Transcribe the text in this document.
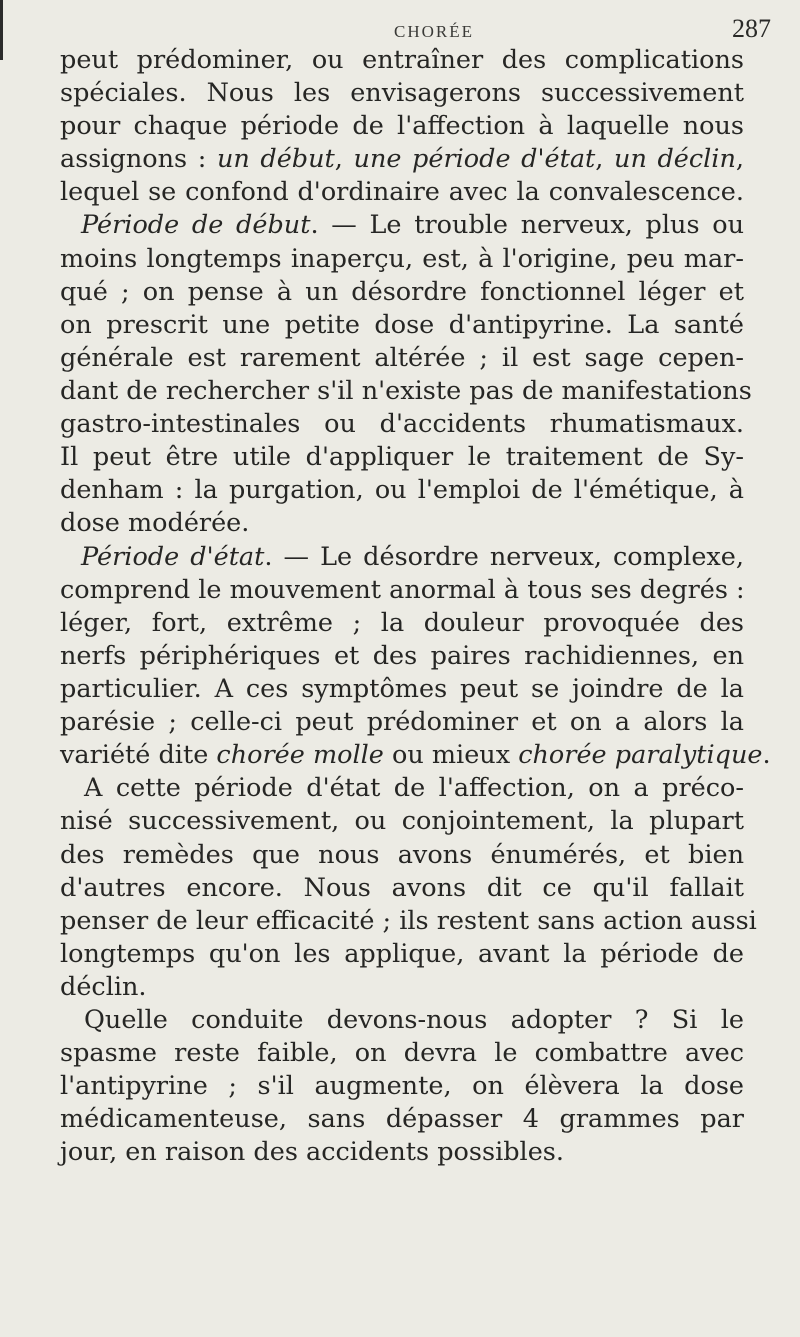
CHORÉE	287
peut prédominer, ou entraîner des complications
spéciales. Nous les envisagerons successivement
pour chaque période de l'affection à laquelle nous
assignons : un début, une période d'état, un déclin,
lequel se confond d'ordinaire avec la convalescence.
Période de début. — Le trouble nerveux, plus ou
moins longtemps inaperçu, est, à l'origine, peu mar-
qué ; on pense à un désordre fonctionnel léger et
on prescrit une petite dose d'antipyrine. La santé
générale est rarement altérée ; il est sage cepen-
dant de rechercher s'il n'existe pas de manifestations
gastro-intestinales ou d'accidents rhumatismaux.
Il peut être utile d'appliquer le traitement de Sy-
denham : la purgation, ou l'emploi de l'émétique, à
dose modérée.
Période d'état. — Le désordre nerveux, complexe,
comprend le mouvement anormal à tous ses degrés :
léger, fort, extrême ; la douleur provoquée des
nerfs périphériques et des paires rachidiennes, en
particulier. A ces symptômes peut se joindre de la
parésie ; celle-ci peut prédominer et on a alors la
variété dite chorée molle ou mieux chorée paralytique.
A cette période d'état de l'affection, on a préco-
nisé successivement, ou conjointement, la plupart
des remèdes que nous avons énumérés, et bien
d'autres encore. Nous avons dit ce qu'il fallait
penser de leur efficacité ; ils restent sans action aussi
longtemps qu'on les applique, avant la période de
déclin.
Quelle conduite devons-nous adopter ? Si le
spasme reste faible, on devra le combattre avec
l'antipyrine ; s'il augmente, on élèvera la dose
médicamenteuse, sans dépasser 4 grammes par
jour, en raison des accidents possibles.
